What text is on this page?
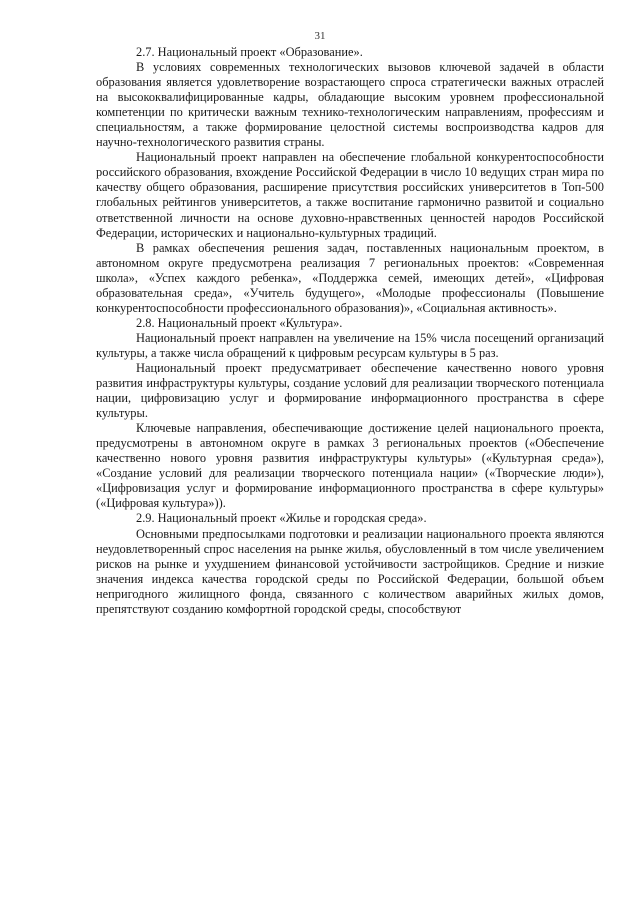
31

2.7. Национальный проект «Образование».

В условиях современных технологических вызовов ключевой задачей в области образования является удовлетворение возрастающего спроса стратегически важных отраслей на высококвалифицированные кадры, обладающие высоким уровнем профессиональной компетенции по критически важным технико-технологическим направлениям, профессиям и специальностям, а также формирование целостной системы воспроизводства кадров для научно-технологического развития страны.

Национальный проект направлен на обеспечение глобальной конкурентоспособности российского образования, вхождение Российской Федерации в число 10 ведущих стран мира по качеству общего образования, расширение присутствия российских университетов в Топ-500 глобальных рейтингов университетов, а также воспитание гармонично развитой и социально ответственной личности на основе духовно-нравственных ценностей народов Российской Федерации, исторических и национально-культурных традиций.

В рамках обеспечения решения задач, поставленных национальным проектом, в автономном округе предусмотрена реализация 7 региональных проектов: «Современная школа», «Успех каждого ребенка», «Поддержка семей, имеющих детей», «Цифровая образовательная среда», «Учитель будущего», «Молодые профессионалы (Повышение конкурентоспособности профессионального образования)», «Социальная активность».

2.8. Национальный проект «Культура».

Национальный проект направлен на увеличение на 15% числа посещений организаций культуры, а также числа обращений к цифровым ресурсам культуры в 5 раз.

Национальный проект предусматривает обеспечение качественно нового уровня развития инфраструктуры культуры, создание условий для реализации творческого потенциала нации, цифровизацию услуг и формирование информационного пространства в сфере культуры.

Ключевые направления, обеспечивающие достижение целей национального проекта, предусмотрены в автономном округе в рамках 3 региональных проектов («Обеспечение качественно нового уровня развития инфраструктуры культуры» («Культурная среда»), «Создание условий для реализации творческого потенциала нации» («Творческие люди»), «Цифровизация услуг и формирование информационного пространства в сфере культуры» («Цифровая культура»)).

2.9. Национальный проект «Жилье и городская среда».

Основными предпосылками подготовки и реализации национального проекта являются неудовлетворенный спрос населения на рынке жилья, обусловленный в том числе увеличением рисков на рынке и ухудшением финансовой устойчивости застройщиков. Средние и низкие значения индекса качества городской среды по Российской Федерации, большой объем непригодного жилищного фонда, связанного с количеством аварийных жилых домов, препятствуют созданию комфортной городской среды, способствуют
